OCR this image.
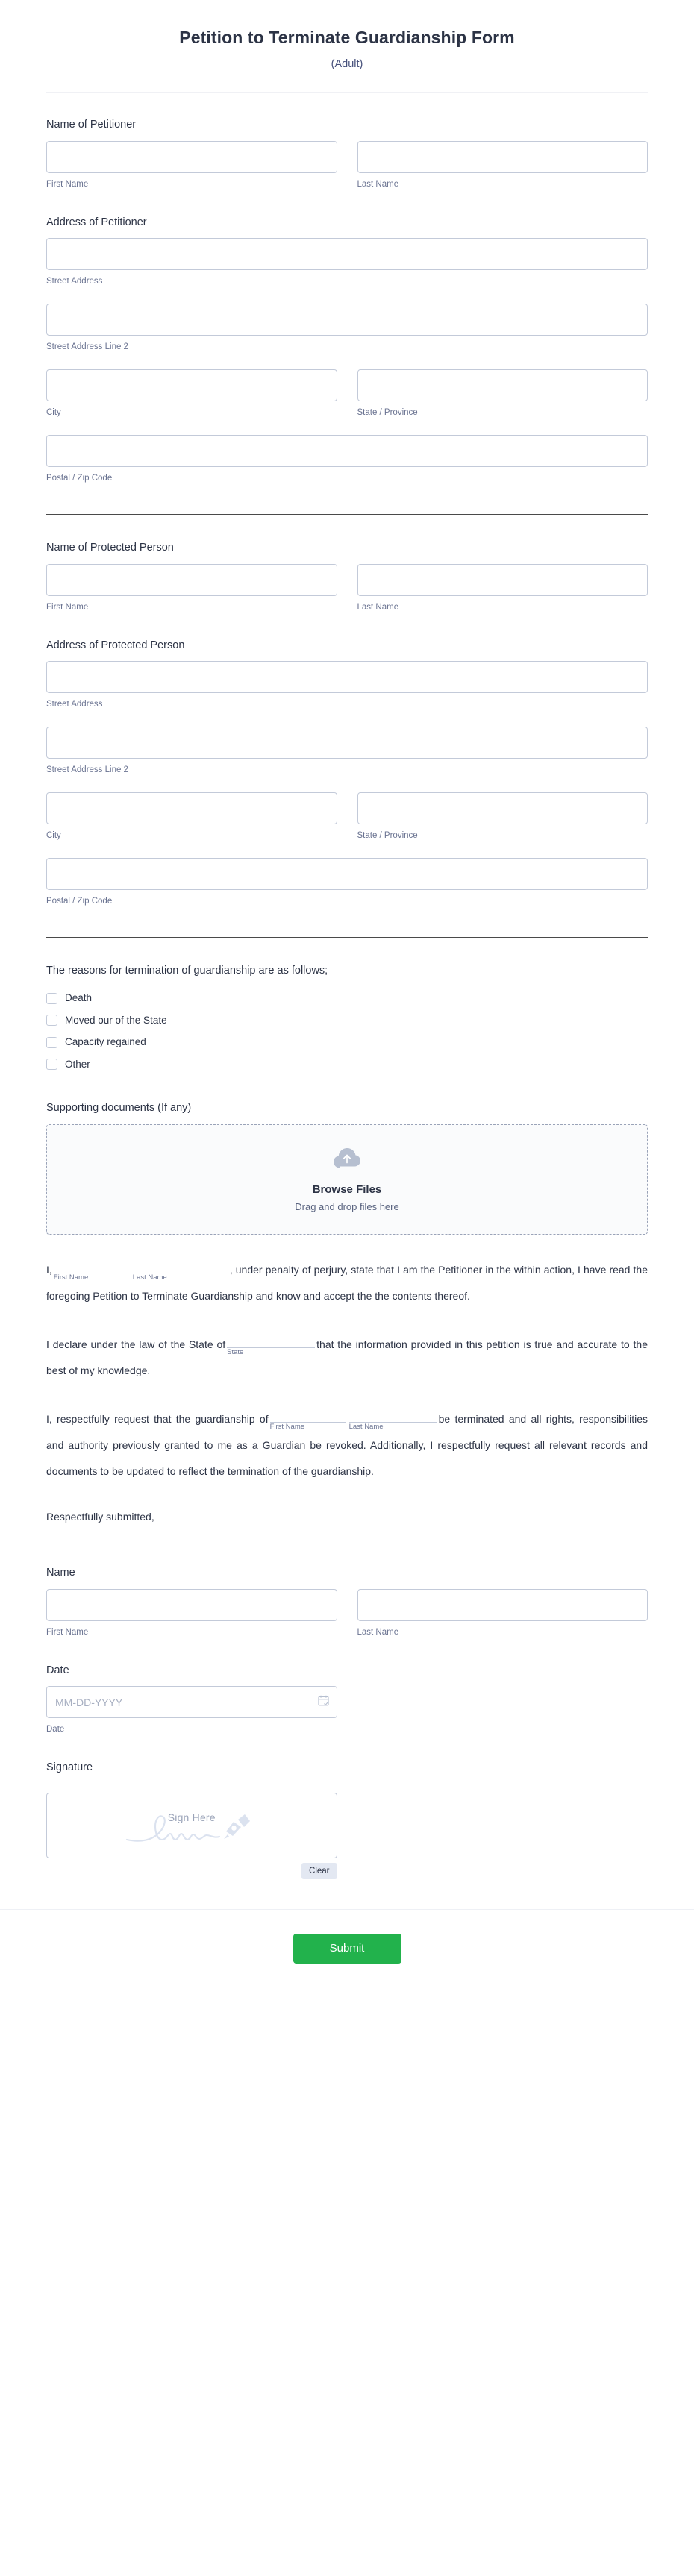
Petition to Terminate Guardianship Form

(Adult)

Name of Petitioner
First Name	Last Name
Address of Petitioner
Street Address
Street Address Line 2
City	State / Province
Postal / Zip Code
Name of Protected Person
First Name	Last Name
Address of Protected Person
Street Address
Street Address Line 2
City	State / Province
Postal / Zip Code
The reasons for termination of guardianship are as follows;
Death
Moved our of the State
Capacity regained
Other
Supporting documents (If any)
Browse Files
Drag and drop files here
I,
First Name	Last Name
, under penalty of perjury, state that I am the Petitioner in the within action, I have read the foregoing Petition to Terminate Guardianship and know and accept the the contents thereof.
I declare under the law of the State of
State
that the information provided in this petition is true and accurate to the best of my knowledge.
I, respectfully request that the guardianship of
First Name	Last Name
be terminated and all rights, responsibilities and authority previously granted to me as a Guardian be revoked. Additionally, I respectfully request all relevant records and documents to be updated to reflect the termination of the guardianship.
Respectfully submitted,
Name
First Name	Last Name
Date
MM-DD-YYYY
Date
Signature
Sign Here
Clear
Submit
